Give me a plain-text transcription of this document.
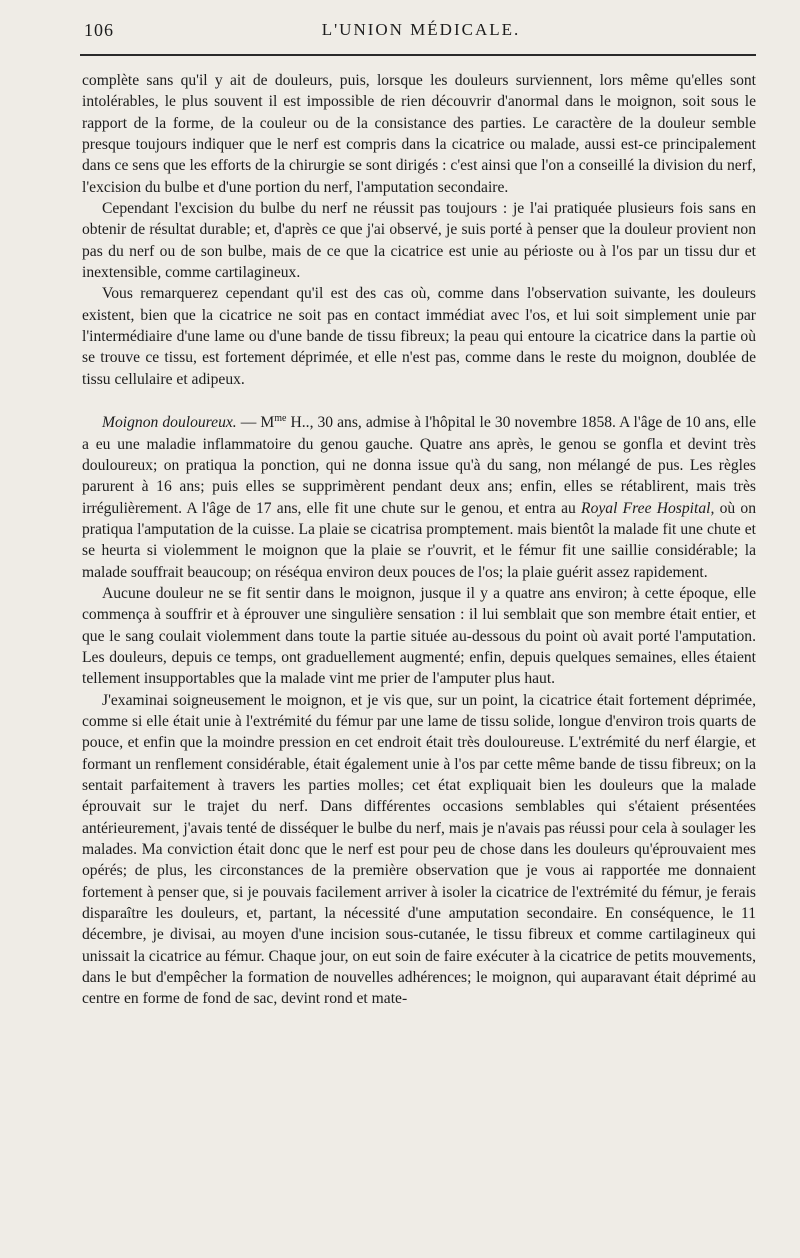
106	L'UNION MÉDICALE.

complète sans qu'il y ait de douleurs, puis, lorsque les douleurs surviennent, lors même qu'elles sont intolérables, le plus souvent il est impossible de rien découvrir d'anormal dans le moignon, soit sous le rapport de la forme, de la couleur ou de la consistance des parties. Le caractère de la douleur semble presque toujours indiquer que le nerf est compris dans la cicatrice ou malade, aussi est-ce principalement dans ce sens que les efforts de la chirurgie se sont dirigés : c'est ainsi que l'on a conseillé la division du nerf, l'excision du bulbe et d'une portion du nerf, l'amputation secondaire.

Cependant l'excision du bulbe du nerf ne réussit pas toujours : je l'ai pratiquée plusieurs fois sans en obtenir de résultat durable; et, d'après ce que j'ai observé, je suis porté à penser que la douleur provient non pas du nerf ou de son bulbe, mais de ce que la cicatrice est unie au périoste ou à l'os par un tissu dur et inextensible, comme cartilagineux.

Vous remarquerez cependant qu'il est des cas où, comme dans l'observation suivante, les douleurs existent, bien que la cicatrice ne soit pas en contact immédiat avec l'os, et lui soit simplement unie par l'intermédiaire d'une lame ou d'une bande de tissu fibreux; la peau qui entoure la cicatrice dans la partie où se trouve ce tissu, est fortement déprimée, et elle n'est pas, comme dans le reste du moignon, doublée de tissu cellulaire et adipeux.

Moignon douloureux. — $M^{me}$ H.., 30 ans, admise à l'hôpital le 30 novembre 1858. A l'âge de 10 ans, elle a eu une maladie inflammatoire du genou gauche. Quatre ans après, le genou se gonfla et devint très douloureux; on pratiqua la ponction, qui ne donna issue qu'à du sang, non mélangé de pus. Les règles parurent à 16 ans; puis elles se supprimèrent pendant deux ans; enfin, elles se rétablirent, mais très irrégulièrement. A l'âge de 17 ans, elle fit une chute sur le genou, et entra au Royal Free Hospital, où on pratiqua l'amputation de la cuisse. La plaie se cicatrisa promptement. mais bientôt la malade fit une chute et se heurta si violemment le moignon que la plaie se r'ouvrit, et le fémur fit une saillie considérable; la malade souffrait beaucoup; on réséqua environ deux pouces de l'os; la plaie guérit assez rapidement.

Aucune douleur ne se fit sentir dans le moignon, jusque il y a quatre ans environ; à cette époque, elle commença à souffrir et à éprouver une singulière sensation : il lui semblait que son membre était entier, et que le sang coulait violemment dans toute la partie située au-dessous du point où avait porté l'amputation. Les douleurs, depuis ce temps, ont graduellement augmenté; enfin, depuis quelques semaines, elles étaient tellement insupportables que la malade vint me prier de l'amputer plus haut.

J'examinai soigneusement le moignon, et je vis que, sur un point, la cicatrice était fortement déprimée, comme si elle était unie à l'extrémité du fémur par une lame de tissu solide, longue d'environ trois quarts de pouce, et enfin que la moindre pression en cet endroit était très douloureuse. L'extrémité du nerf élargie, et formant un renflement considérable, était également unie à l'os par cette même bande de tissu fibreux; on la sentait parfaitement à travers les parties molles; cet état expliquait bien les douleurs que la malade éprouvait sur le trajet du nerf. Dans différentes occasions semblables qui s'étaient présentées antérieurement, j'avais tenté de disséquer le bulbe du nerf, mais je n'avais pas réussi pour cela à soulager les malades. Ma conviction était donc que le nerf est pour peu de chose dans les douleurs qu'éprouvaient mes opérés; de plus, les circonstances de la première observation que je vous ai rapportée me donnaient fortement à penser que, si je pouvais facilement arriver à isoler la cicatrice de l'extrémité du fémur, je ferais disparaître les douleurs, et, partant, la nécessité d'une amputation secondaire. En conséquence, le 11 décembre, je divisai, au moyen d'une incision sous-cutanée, le tissu fibreux et comme cartilagineux qui unissait la cicatrice au fémur. Chaque jour, on eut soin de faire exécuter à la cicatrice de petits mouvements, dans le but d'empêcher la formation de nouvelles adhérences; le moignon, qui auparavant était déprimé au centre en forme de fond de sac, devint rond et mate-
